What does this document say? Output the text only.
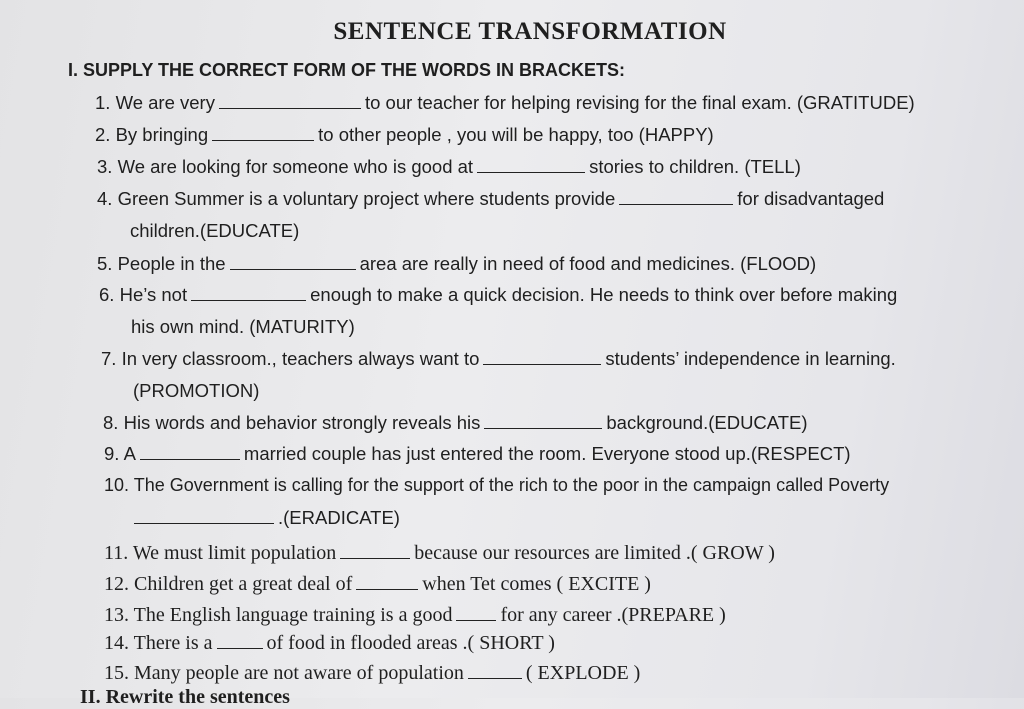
SENTENCE TRANSFORMATION
I. SUPPLY THE CORRECT FORM OF THE WORDS IN BRACKETS:
1. We are very	to our teacher for helping revising for the final exam. (GRATITUDE)
2. By bringing	to other people , you will be happy, too (HAPPY)
3. We are looking for someone who is good at	stories to children. (TELL)
4. Green Summer is a voluntary project where students provide	for disadvantaged
children.(EDUCATE)
5. People in the	area are really in need of food and medicines. (FLOOD)
6. He’s not	enough to make a quick decision. He needs to think over before making
his own mind. (MATURITY)
7. In very classroom., teachers always want to	students’ independence in learning.
(PROMOTION)
8. His words and behavior strongly reveals his	background.(EDUCATE)
9. A	married couple has just entered the room. Everyone stood up.(RESPECT)
10. The Government is calling for the support of the rich to the poor in the campaign called Poverty
.(ERADICATE)
11. We must limit population	because our resources are limited .( GROW )
12. Children get a great deal of	when Tet comes ( EXCITE )
13. The English language training is a good for any career .(PREPARE )
14. There is a	of food in flooded areas .( SHORT )
15. Many people are not aware of population	( EXPLODE )
II. Rewrite the sentences
